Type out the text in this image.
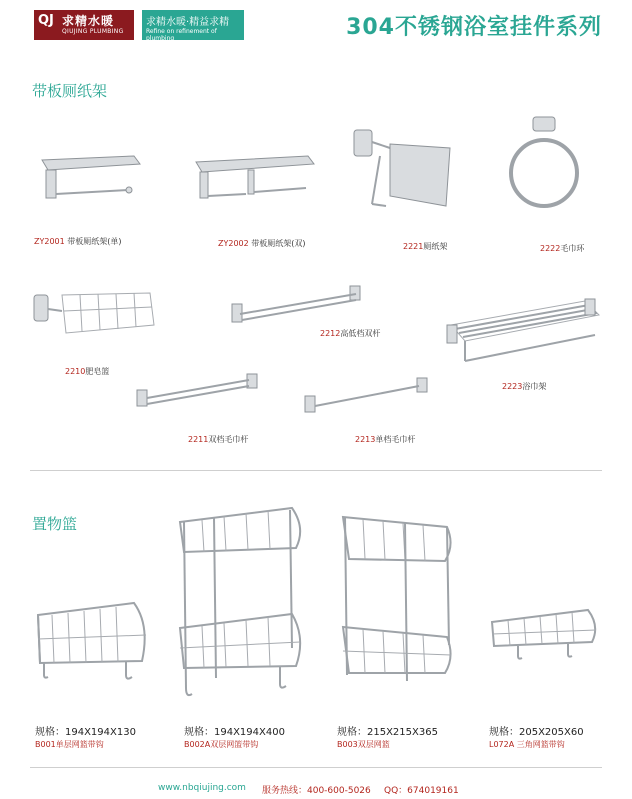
QJ 求精水暖
QIUJING PLUMBING
求精水暖·精益求精
Refine on refinement of plumbing	304不锈钢浴室挂件系列
带板厕纸架
ZY2001 带板厕纸架(单)	ZY2002 带板厕纸架(双)	2221厕纸架	2222毛巾环
2210肥皂篮
2212高低档双杆
2223浴巾架
2211双档毛巾杆	2213单档毛巾杆
置物篮
规格：194X194X130
B001单层网篮带钩
规格：194X194X400
B002A双层网篮带钩
规格：215X215X365
B003双层网篮
规格：205X205X60
L072A 三角网篮带钩
www.nbqiujing.com 服务热线：400-600-5026 QQ：674019161
